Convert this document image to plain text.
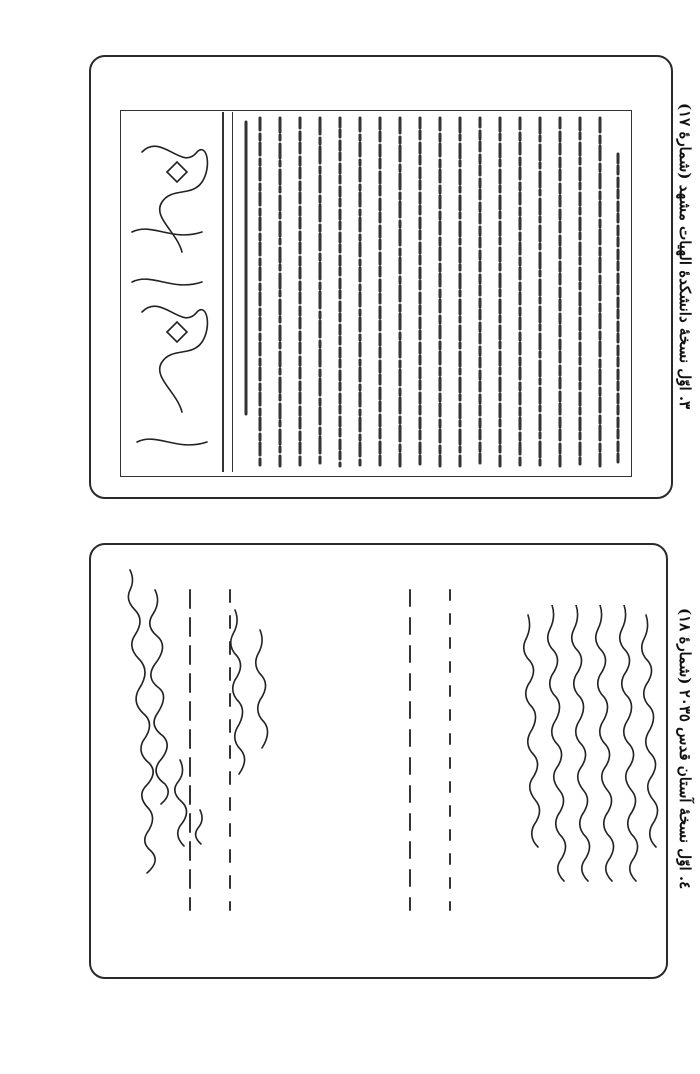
٣. اوّل نسخهٔ دانشکدهٔ الهیات مشهد (شمارهٔ ١٧)
٤. اوّل نسخهٔ آستان قدس ٢٠٣٥ (شمارهٔ ١٨)
